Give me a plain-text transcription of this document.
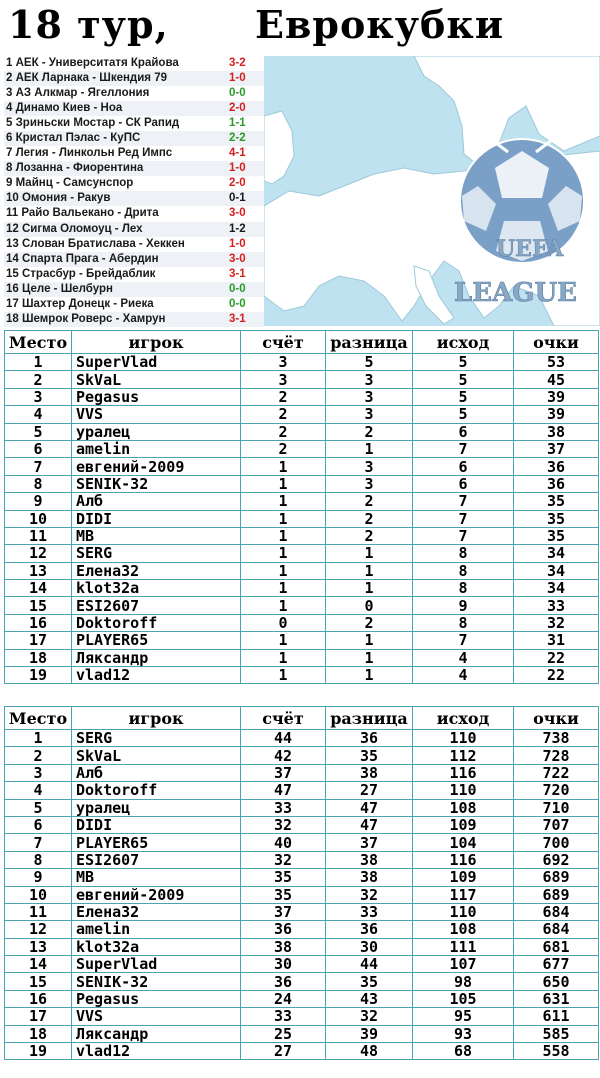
18 тур, Еврокубки
1 АЕК - Университатя Крайова	3-2
2 АЕК Ларнака - Шкендия 79	1-0
3 АЗ Алкмар - Ягеллония	0-0
4 Динамо Киев - Ноа	2-0
5 Зриньски Мостар - СК Рапид	1-1
6 Кристал Пэлас - КуПС	2-2
7 Легия - Линкольн Ред Импс	4-1
8 Лозанна - Фиорентина	1-0
9 Майнц - Самсунспор	2-0
10 Омония - Ракув	0-1
11 Райо Вальекано - Дрита	3-0
12 Сигма Оломоуц - Лех	1-2
13 Слован Братислава - Хеккен	1-0
14 Спарта Прага - Абердин	3-0
15 Страсбур - Брейдаблик	3-1
16 Целе - Шелбурн	0-0
17 Шахтер Донецк - Риека	0-0
18 Шемрок Роверс - Хамрун	3-1
UEFA
LEAGUE
Место	игрок	счёт	разница	исход	очки
1	SuperVlad	3	5	5	53
2	SkVaL	3	3	5	45
3	Pegasus	2	3	5	39
4	VVS	2	3	5	39
5	уралец	2	2	6	38
6	amelin	2	1	7	37
7	евгений-2009	1	3	6	36
8	SENIK-32	1	3	6	36
9	Алб	1	2	7	35
10	DIDI	1	2	7	35
11	МВ	1	2	7	35
12	SERG	1	1	8	34
13	Елена32	1	1	8	34
14	klot32a	1	1	8	34
15	ESI2607	1	0	9	33
16	Doktoroff	0	2	8	32
17	PLAYER65	1	1	7	31
18	Ляксандр	1	1	4	22
19	vlad12	1	1	4	22
Место	игрок	счёт	разница	исход	очки
1	SERG	44	36	110	738
2	SkVaL	42	35	112	728
3	Алб	37	38	116	722
4	Doktoroff	47	27	110	720
5	уралец	33	47	108	710
6	DIDI	32	47	109	707
7	PLAYER65	40	37	104	700
8	ESI2607	32	38	116	692
9	МВ	35	38	109	689
10	евгений-2009	35	32	117	689
11	Елена32	37	33	110	684
12	amelin	36	36	108	684
13	klot32a	38	30	111	681
14	SuperVlad	30	44	107	677
15	SENIK-32	36	35	98	650
16	Pegasus	24	43	105	631
17	VVS	33	32	95	611
18	Ляксандр	25	39	93	585
19	vlad12	27	48	68	558
